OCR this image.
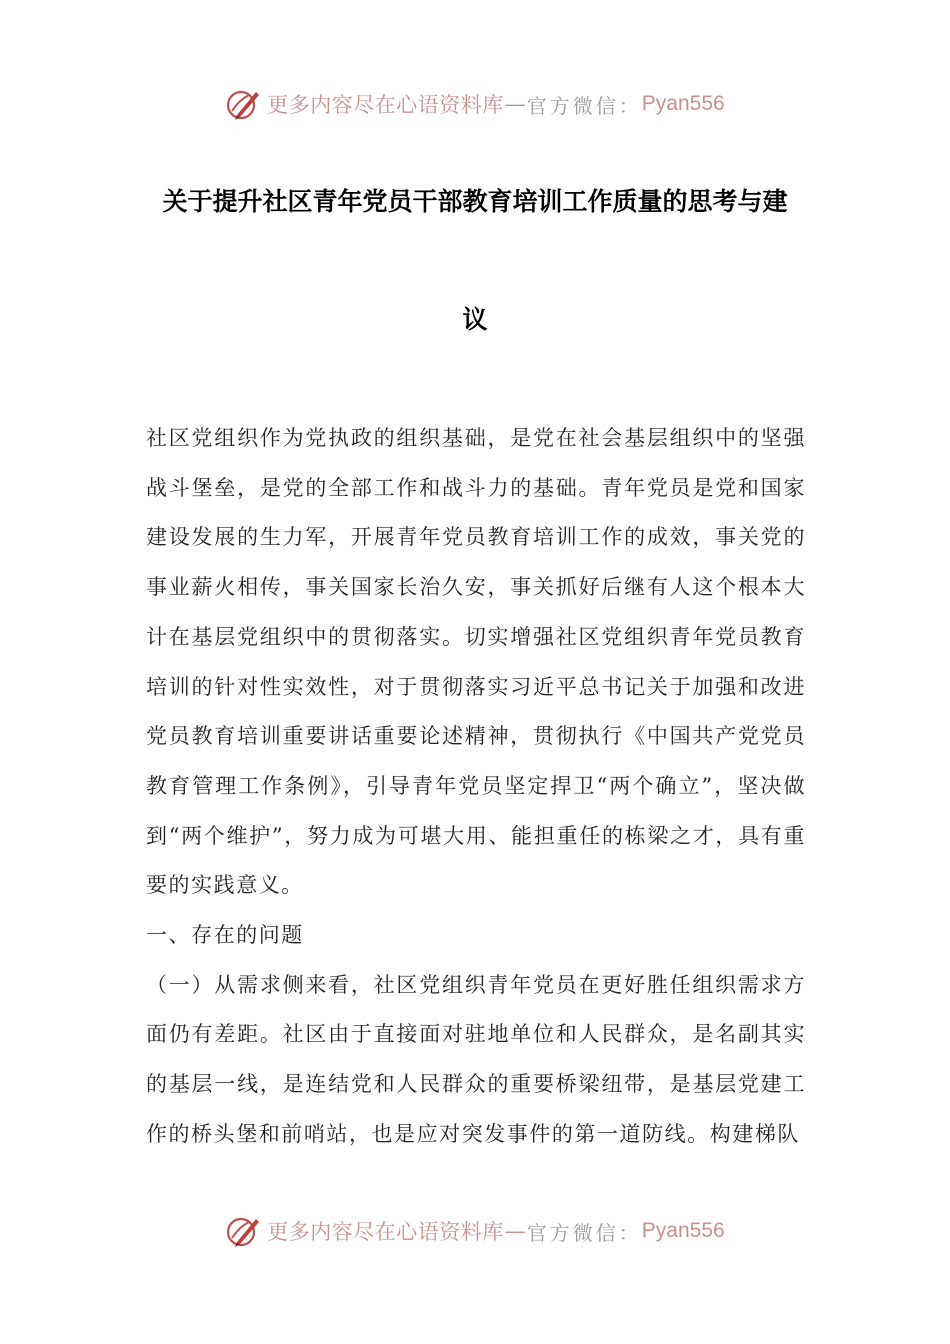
更多内容尽在心语资料库 — 官方微信： Pyan556
关于提升社区青年党员干部教育培训工作质量的思考与建
议

社区党组织作为党执政的组织基础，是党在社会基层组织中的坚强战斗堡垒，是党的全部工作和战斗力的基础。青年党员是党和国家建设发展的生力军，开展青年党员教育培训工作的成效，事关党的事业薪火相传，事关国家长治久安，事关抓好后继有人这个根本大计在基层党组织中的贯彻落实。切实增强社区党组织青年党员教育培训的针对性实效性，对于贯彻落实习近平总书记关于加强和改进党员教育培训重要讲话重要论述精神，贯彻执行《中国共产党党员教育管理工作条例》，引导青年党员坚定捍卫“两个确立”，坚决做到“两个维护”，努力成为可堪大用、能担重任的栋梁之才，具有重要的实践意义。

一、存在的问题

（一）从需求侧来看，社区党组织青年党员在更好胜任组织需求方面仍有差距。社区由于直接面对驻地单位和人民群众，是名副其实的基层一线，是连结党和人民群众的重要桥梁纽带，是基层党建工作的桥头堡和前哨站，也是应对突发事件的第一道防线。构建梯队

更多内容尽在心语资料库 — 官方微信： Pyan556
